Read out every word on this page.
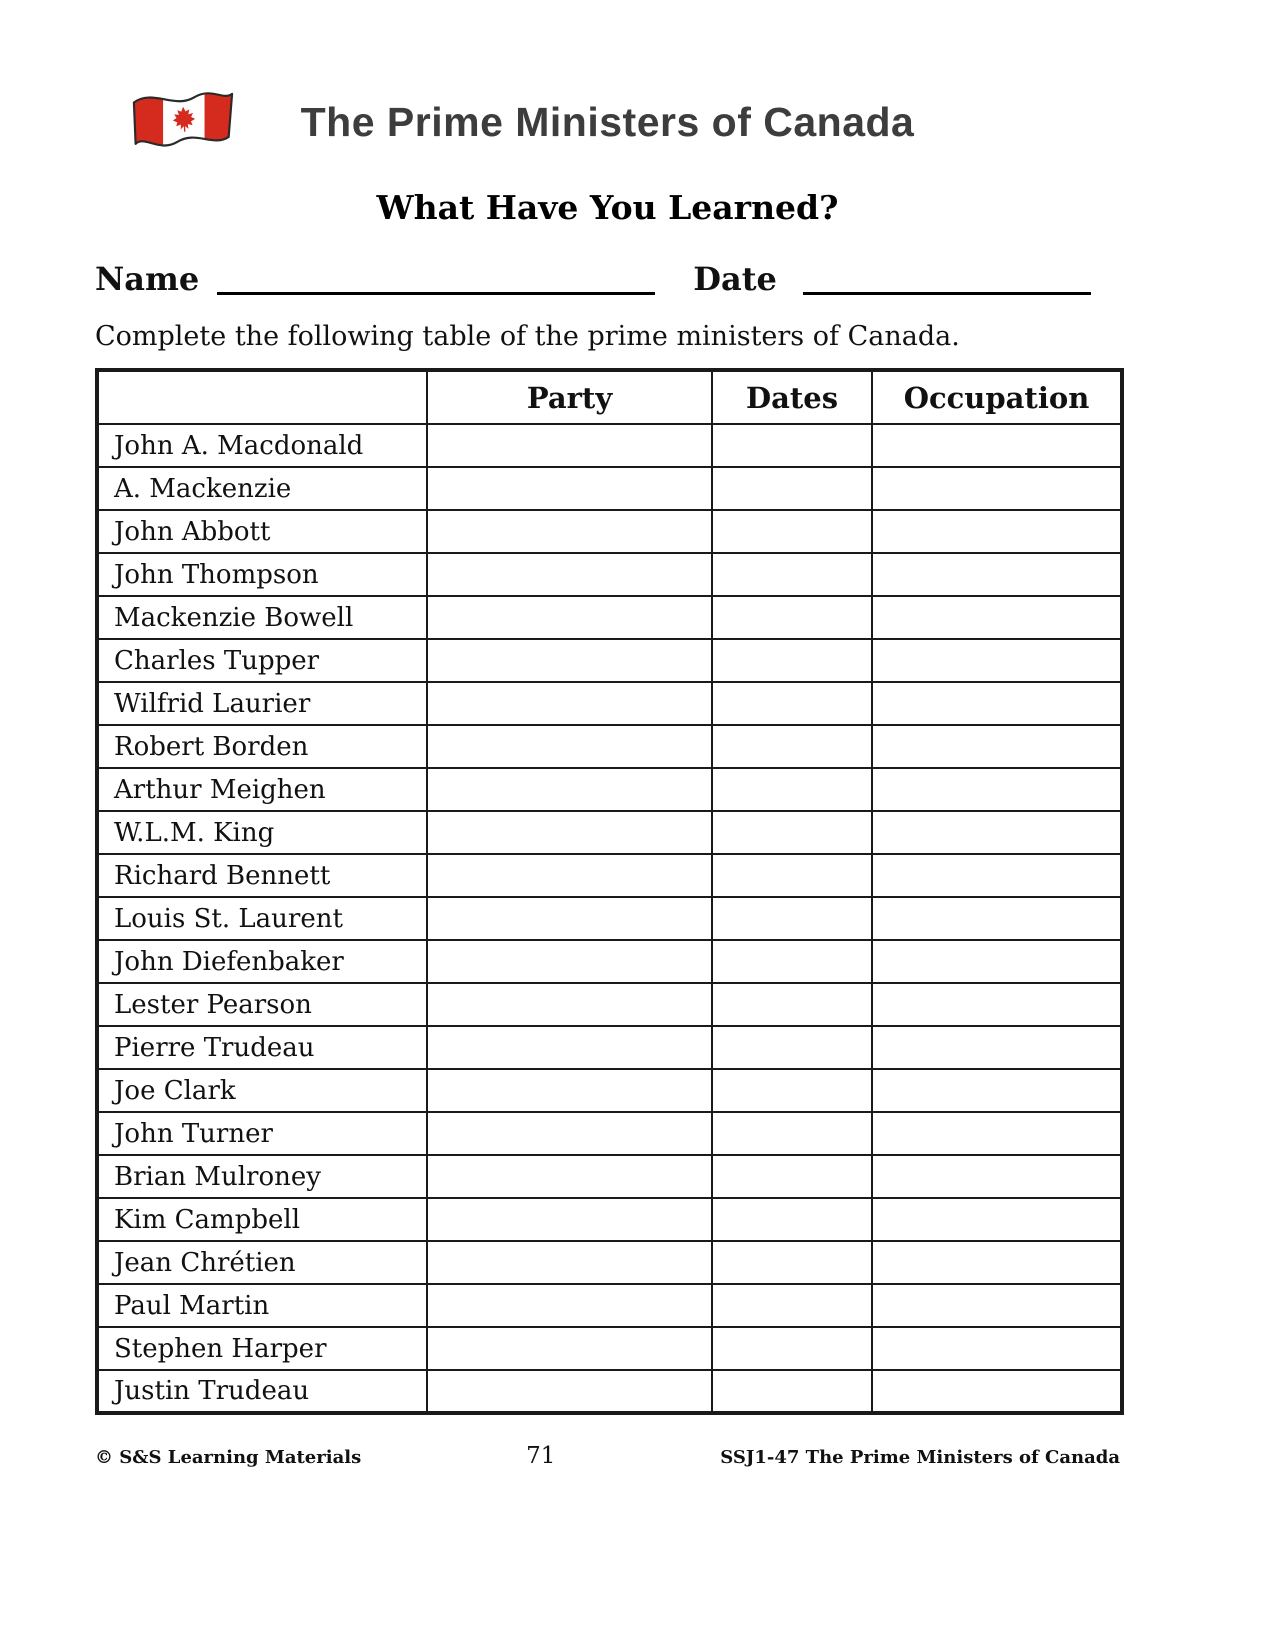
The Prime Ministers of Canada
What Have You Learned?
Name	Date

Complete the following table of the prime ministers of Canada.

	Party	Dates	Occupation
John A. Macdonald			
A. Mackenzie			
John Abbott			
John Thompson			
Mackenzie Bowell			
Charles Tupper			
Wilfrid Laurier			
Robert Borden			
Arthur Meighen			
W.L.M. King			
Richard Bennett			
Louis St. Laurent			
John Diefenbaker			
Lester Pearson			
Pierre Trudeau			
Joe Clark			
John Turner			
Brian Mulroney			
Kim Campbell			
Jean Chrétien			
Paul Martin			
Stephen Harper			
Justin Trudeau			
© S&S Learning Materials	71	SSJ1-47 The Prime Ministers of Canada
